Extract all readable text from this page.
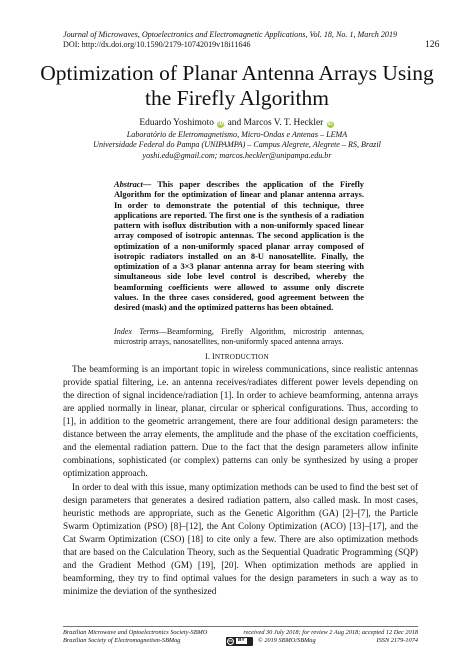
Journal of Microwaves, Optoelectronics and Electromagnetic Applications, Vol. 18, No. 1, March 2019
DOI: http://dx.doi.org/10.1590/2179-10742019v18i11646	126
Optimization of Planar Antenna Arrays Using
the Firefly Algorithm
Eduardo Yoshimoto iD and Marcos V. T. Heckler iD
Laboratório de Eletromagnetismo, Micro-Ondas e Antenas – LEMA
Universidade Federal do Pampa (UNIPAMPA) – Campus Alegrete, Alegrete – RS, Brazil
yoshi.edu@gmail.com; marcos.heckler@unipampa.edu.br

Abstract— This paper describes the application of the Firefly Algorithm for the optimization of linear and planar antenna arrays. In order to demonstrate the potential of this technique, three applications are reported. The first one is the synthesis of a radiation pattern with isoflux distribution with a non-uniformly spaced linear array composed of isotropic antennas. The second application is the optimization of a non-uniformly spaced planar array composed of isotropic radiators installed on an 8-U nanosatellite. Finally, the optimization of a 3×3 planar antenna array for beam steering with simultaneous side lobe level control is described, whereby the beamforming coefficients were allowed to assume only discrete values. In the three cases considered, good agreement between the desired (mask) and the optimized patterns has been obtained.

Index Terms—Beamforming, Firefly Algorithm, microstrip antennas, microstrip arrays, nanosatellites, non-uniformly spaced antenna arrays.

I. INTRODUCTION

The beamforming is an important topic in wireless communications, since realistic antennas provide spatial filtering, i.e. an antenna receives/radiates different power levels depending on the direction of signal incidence/radiation [1]. In order to achieve beamforming, antenna arrays are applied normally in linear, planar, circular or spherical configurations. Thus, according to [1], in addition to the geometric arrangement, there are four additional design parameters: the distance between the array elements, the amplitude and the phase of the excitation coefficients, and the elemental radiation pattern. Due to the fact that the design parameters allow infinite combinations, sophisticated (or complex) patterns can only be synthesized by using a proper optimization approach.

In order to deal with this issue, many optimization methods can be used to find the best set of design parameters that generates a desired radiation pattern, also called mask. In most cases, heuristic methods are appropriate, such as the Genetic Algorithm (GA) [2]–[7], the Particle Swarm Optimization (PSO) [8]–[12], the Ant Colony Optimization (ACO) [13]–[17], and the Cat Swarm Optimization (CSO) [18] to cite only a few. There are also optimization methods that are based on the Calculation Theory, such as the Sequential Quadratic Programming (SQP) and the Gradient Method (GM) [19], [20]. When optimization methods are applied in beamforming, they try to find optimal values for the design parameters in such a way as to minimize the deviation of the synthesized

Brazilian Microwave and Optoelectronics Society-SBMO	received 30 July 2018; for review 2 Aug 2018; accepted 12 Dec 2018
Brazilian Society of Electromagnetism-SBMag	cc	BY	© 2019 SBMO/SBMag	ISSN 2179-1074
